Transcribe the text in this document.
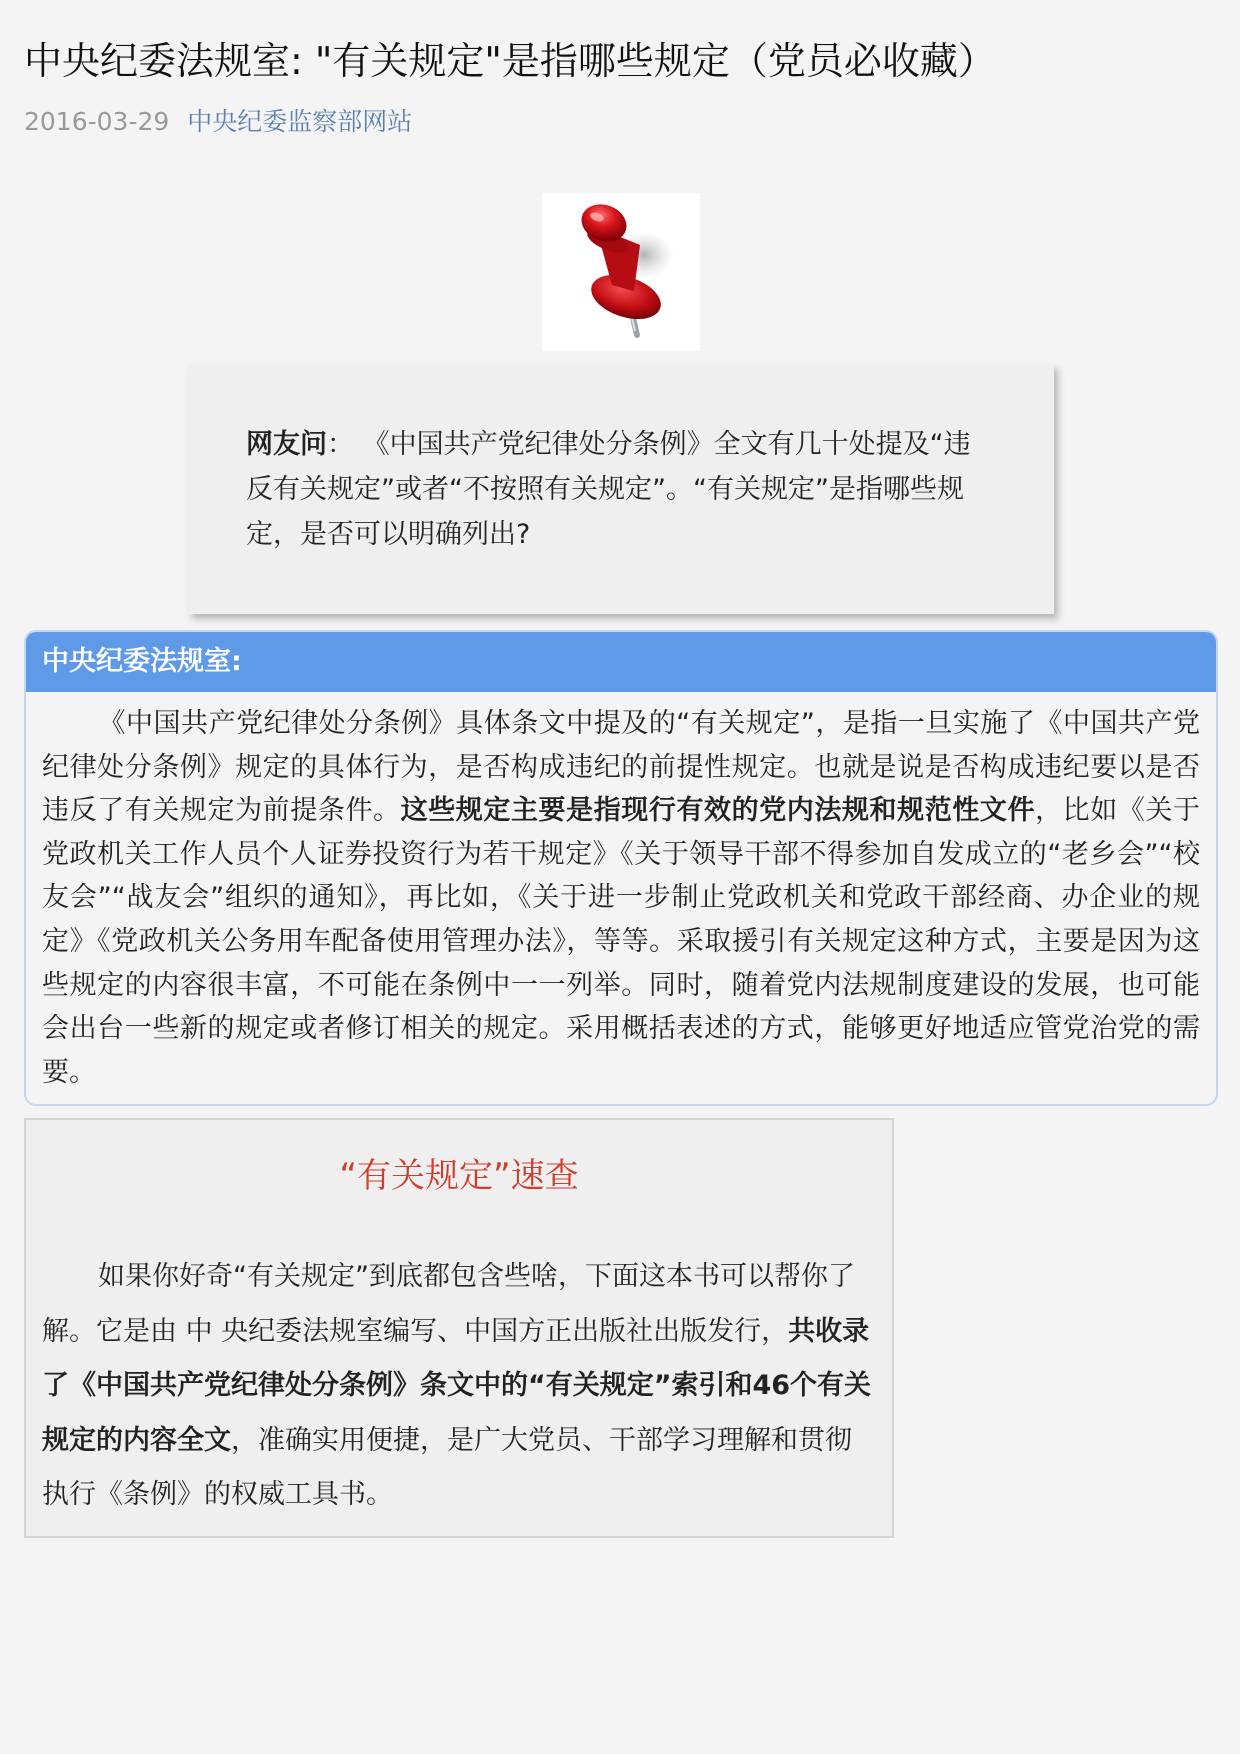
中央纪委法规室: "有关规定"是指哪些规定（党员必收藏）
2016-03-29 中央纪委监察部网站
网友问： 《中国共产党纪律处分条例》全文有几十处提及“违反有关规定”或者“不按照有关规定”。“有关规定”是指哪些规定，是否可以明确列出?
中央纪委法规室:
《中国共产党纪律处分条例》具体条文中提及的“有关规定”，是指一旦实施了《中国共产党纪律处分条例》规定的具体行为，是否构成违纪的前提性规定。也就是说是否构成违纪要以是否违反了有关规定为前提条件。这些规定主要是指现行有效的党内法规和规范性文件，比如《关于党政机关工作人员个人证券投资行为若干规定》《关于领导干部不得参加自发成立的“老乡会”“校友会”“战友会”组织的通知》，再比如，《关于进一步制止党政机关和党政干部经商、办企业的规定》《党政机关公务用车配备使用管理办法》，等等。采取援引有关规定这种方式，主要是因为这些规定的内容很丰富，不可能在条例中一一列举。同时，随着党内法规制度建设的发展，也可能会出台一些新的规定或者修订相关的规定。采用概括表述的方式，能够更好地适应管党治党的需要。
“有关规定”速查
如果你好奇“有关规定”到底都包含些啥，下面这本书可以帮你了解。它是由 中 央纪委法规室编写、中国方正出版社出版发行，共收录了《中国共产党纪律处分条例》条文中的“有关规定”索引和46个有关规定的内容全文，准确实用便捷，是广大党员、干部学习理解和贯彻执行《条例》的权威工具书。
